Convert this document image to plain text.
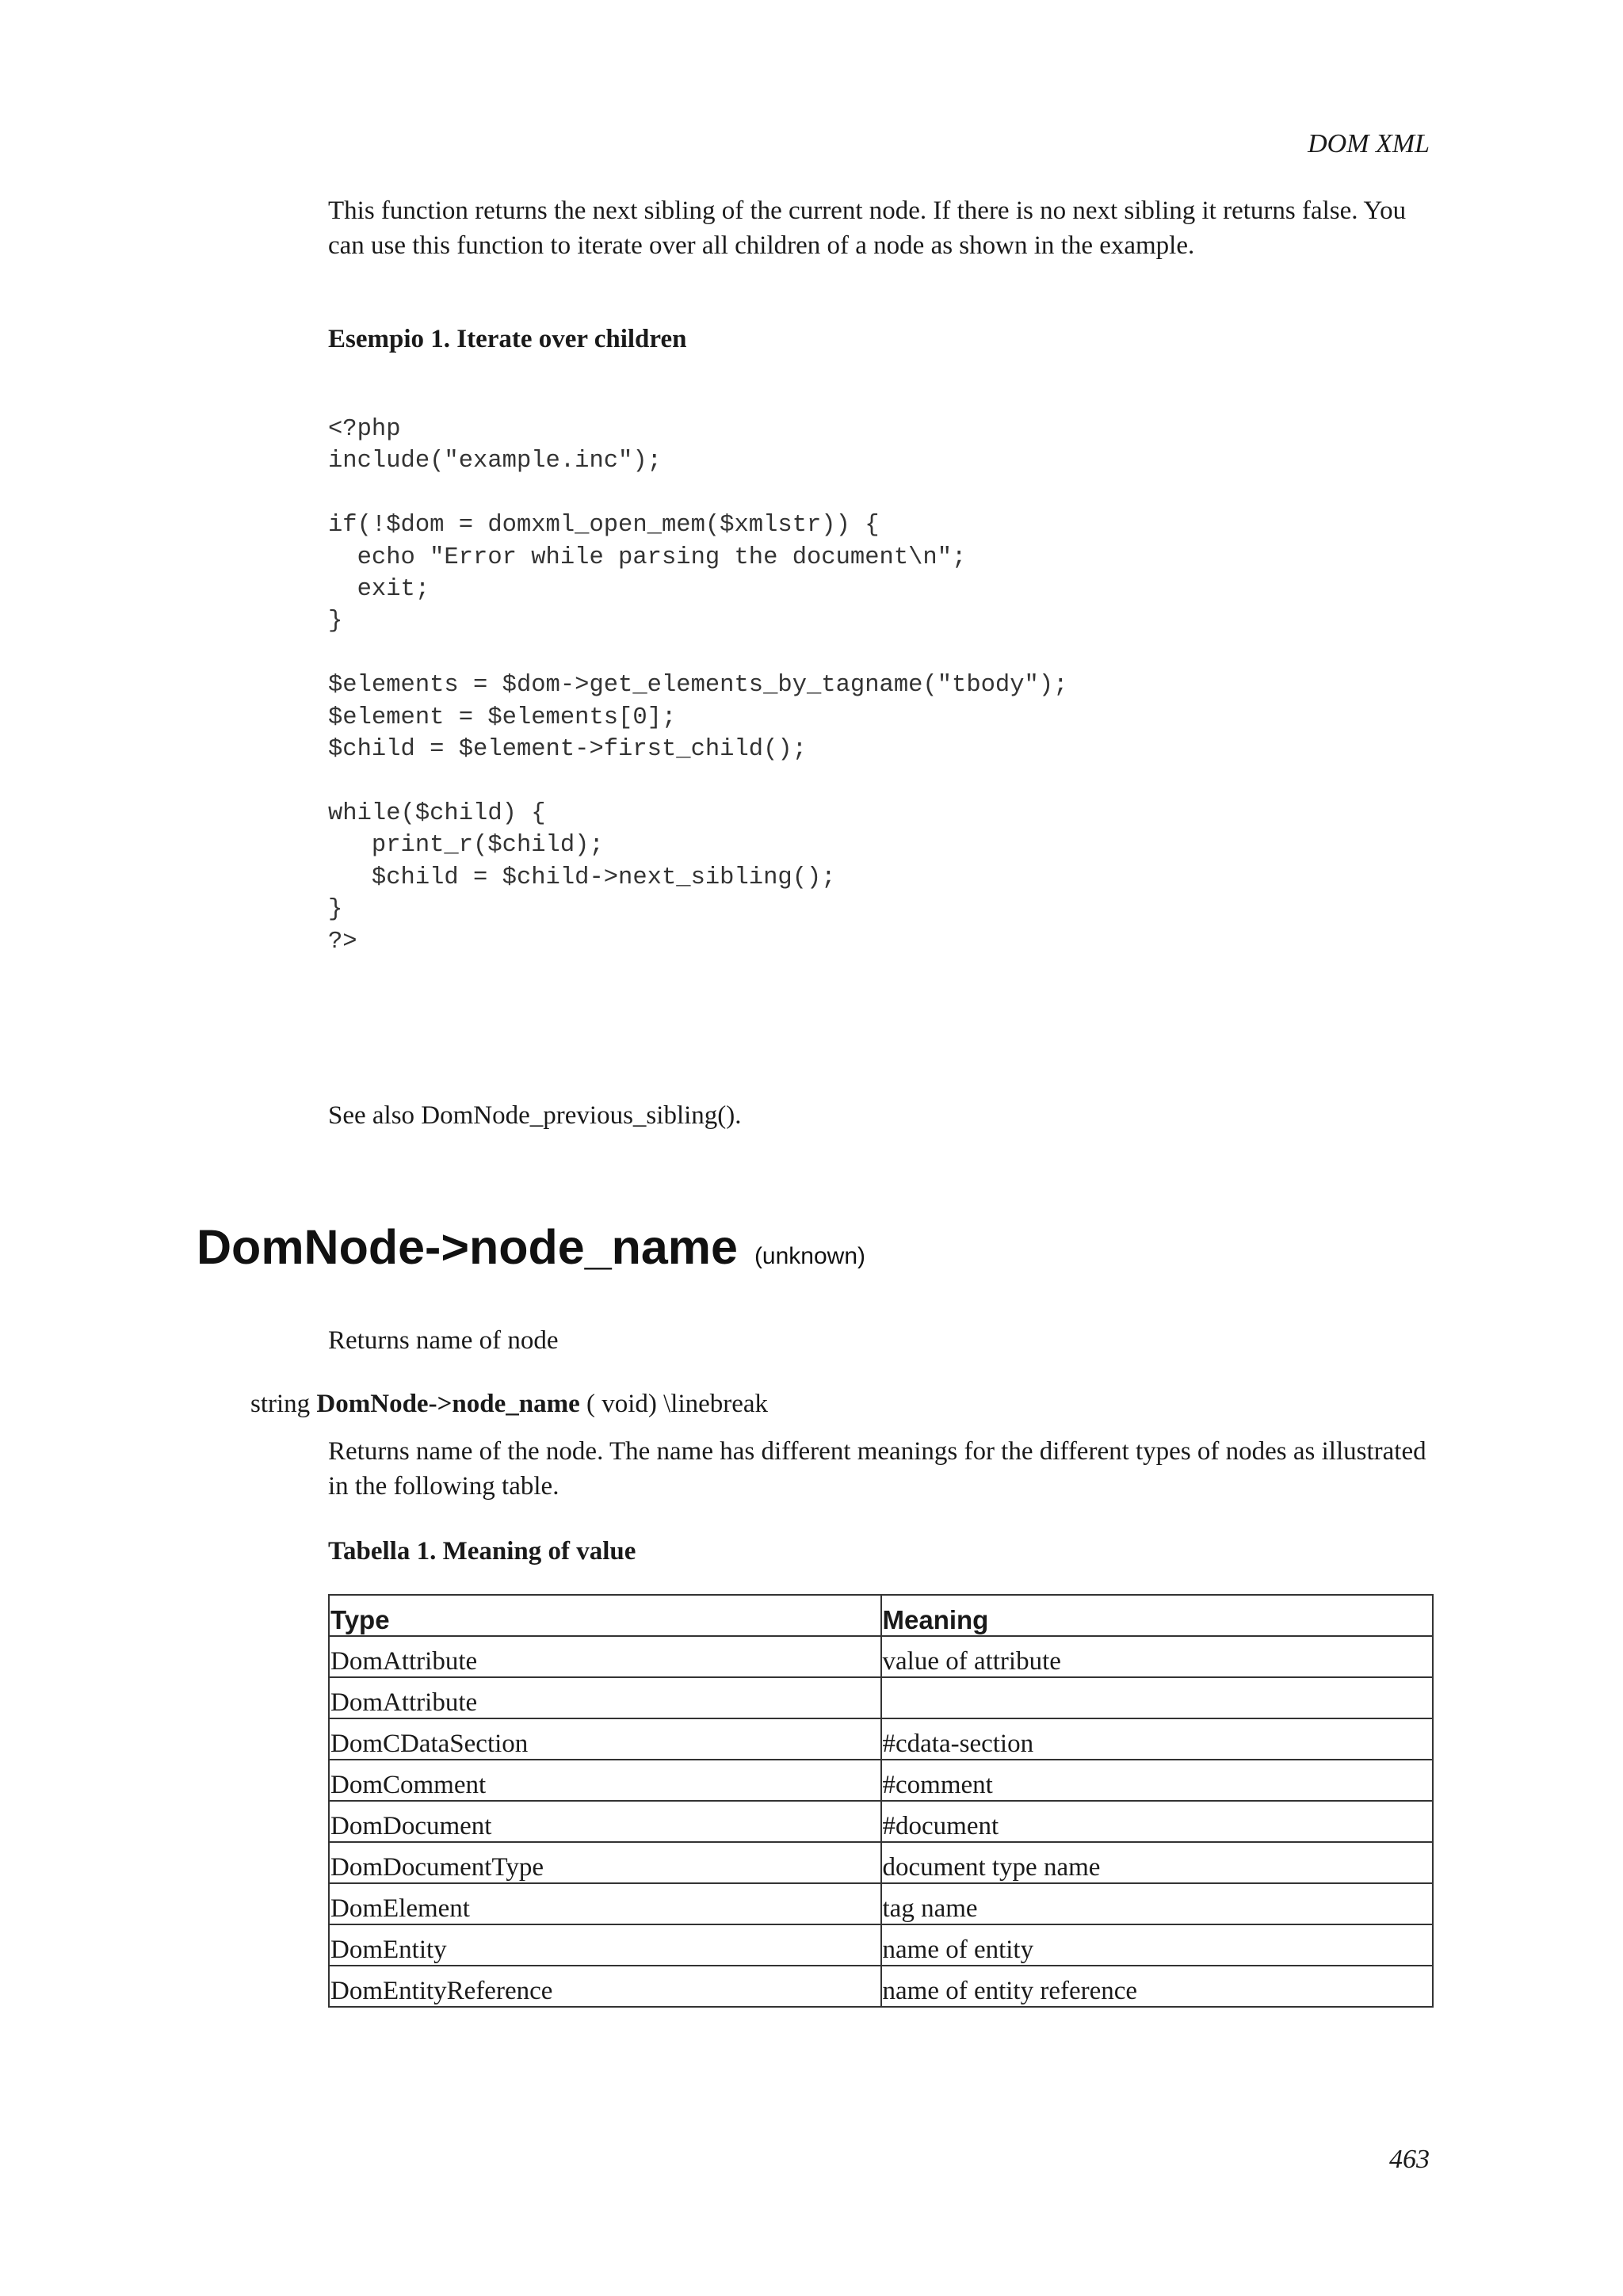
DOM XML

This function returns the next sibling of the current node. If there is no next sibling it returns false. You can use this function to iterate over all children of a node as shown in the example.

Esempio 1. Iterate over children
<?php
include("example.inc");

if(!$dom = domxml_open_mem($xmlstr)) {
echo "Error while parsing the document\n";
exit;
}

$elements = $dom->get_elements_by_tagname("tbody");
$element = $elements[0];
$child = $element->first_child();

while($child) {
print_r($child);
$child = $child->next_sibling();
}
?>

See also DomNode_previous_sibling().

DomNode->node_name (unknown)

Returns name of node

string DomNode->node_name ( void) \linebreak

Returns name of the node. The name has different meanings for the different types of nodes as illustrated in the following table.

Tabella 1. Meaning of value
Type	Meaning
DomAttribute	value of attribute
DomAttribute	
DomCDataSection	#cdata-section
DomComment	#comment
DomDocument	#document
DomDocumentType	document type name
DomElement	tag name
DomEntity	name of entity
DomEntityReference	name of entity reference
463
